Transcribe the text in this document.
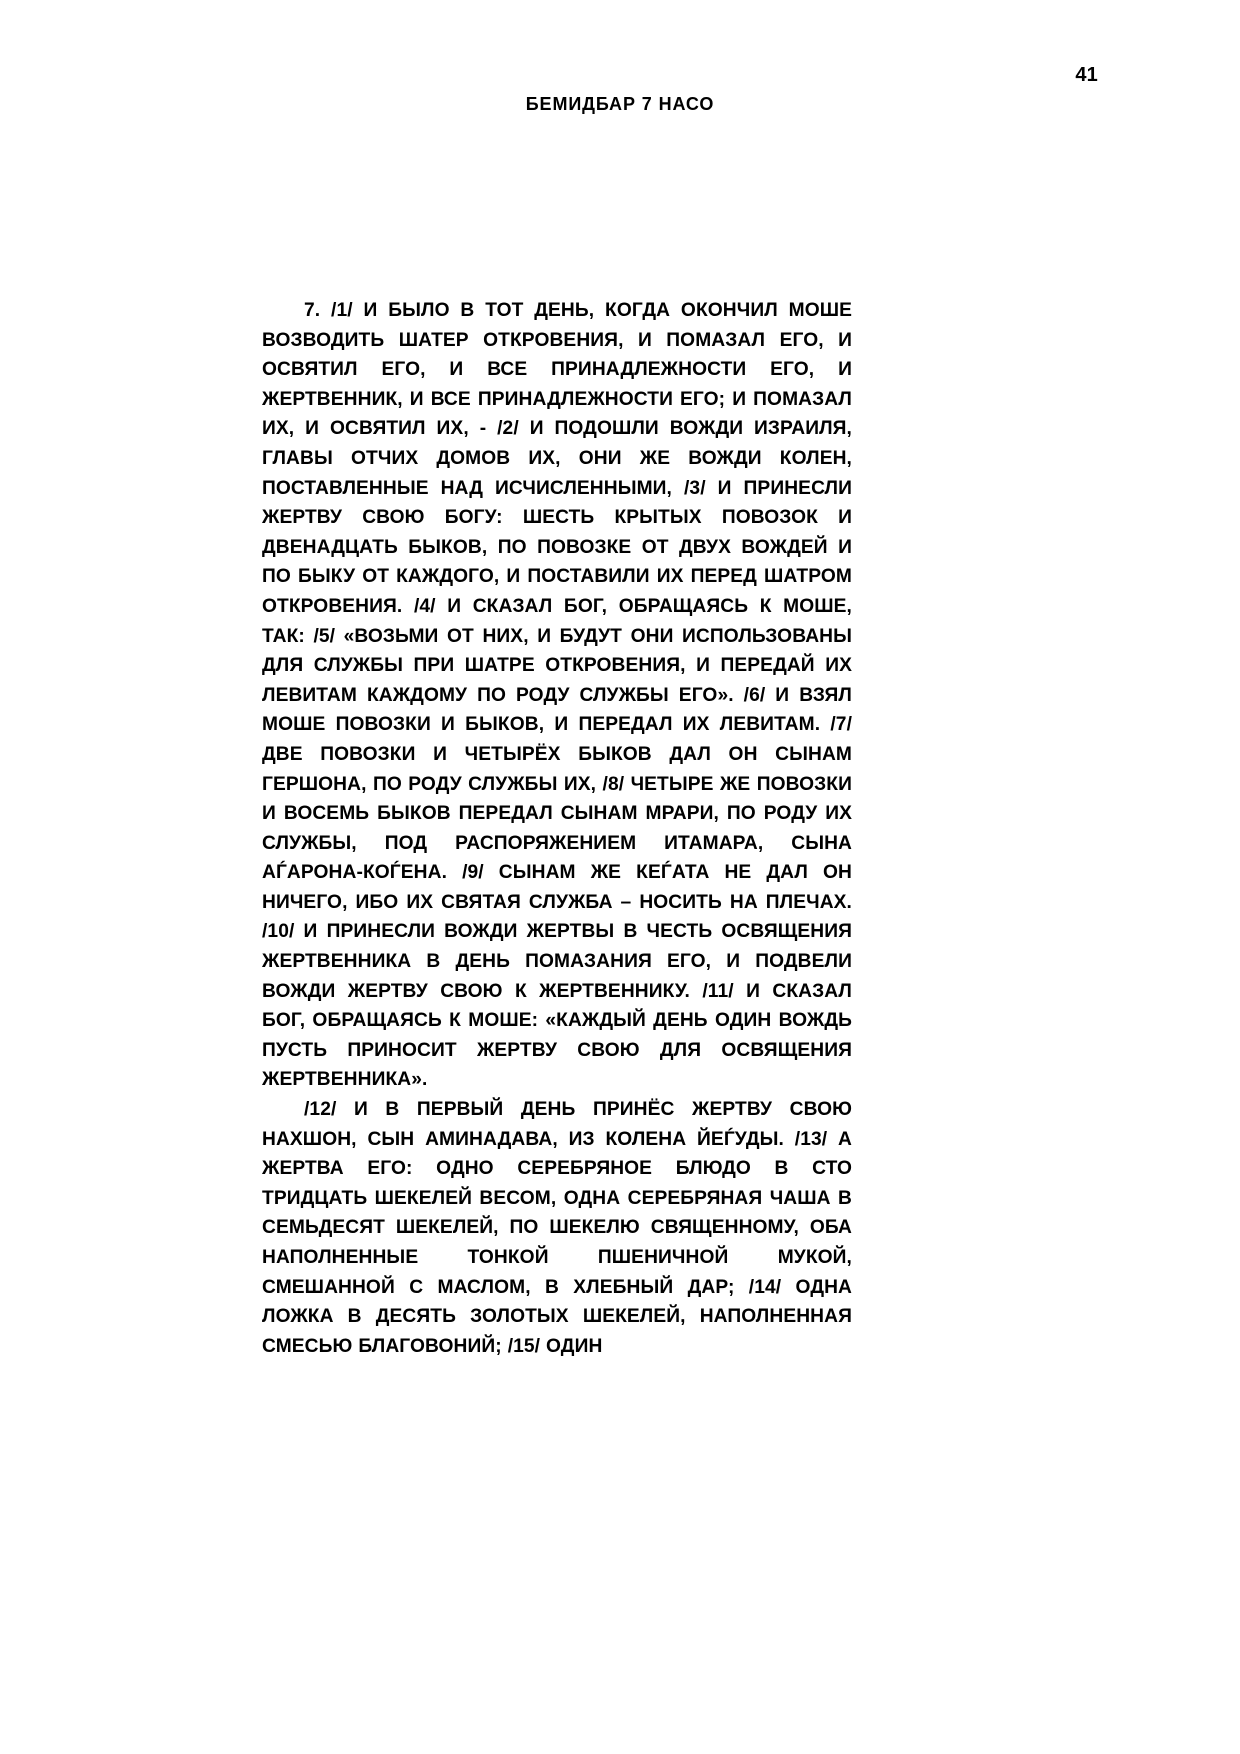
41
БЕМИДБАР 7 НАСО

7. /1/ И БЫЛО В ТОТ ДЕНЬ, КОГДА ОКОНЧИЛ МОШЕ ВОЗВОДИТЬ ШАТЕР ОТКРОВЕНИЯ, И ПОМАЗАЛ ЕГО, И ОСВЯТИЛ ЕГО, И ВСЕ ПРИНАДЛЕЖНОСТИ ЕГО, И ЖЕРТВЕННИК, И ВСЕ ПРИНАДЛЕЖНОСТИ ЕГО; И ПОМАЗАЛ ИХ, И ОСВЯТИЛ ИХ, - /2/ И ПОДОШЛИ ВОЖДИ ИЗРАИЛЯ, ГЛАВЫ ОТЧИХ ДОМОВ ИХ, ОНИ ЖЕ ВОЖДИ КОЛЕН, ПОСТАВЛЕННЫЕ НАД ИСЧИСЛЕННЫМИ, /3/ И ПРИНЕСЛИ ЖЕРТВУ СВОЮ БОГУ: ШЕСТЬ КРЫТЫХ ПОВОЗОК И ДВЕНАДЦАТЬ БЫКОВ, ПО ПОВОЗКЕ ОТ ДВУХ ВОЖДЕЙ И ПО БЫКУ ОТ КАЖДОГО, И ПОСТАВИЛИ ИХ ПЕРЕД ШАТРОМ ОТКРОВЕНИЯ. /4/ И СКАЗАЛ БОГ, ОБРАЩАЯСЬ К МОШЕ, ТАК: /5/ «ВОЗЬМИ ОТ НИХ, И БУДУТ ОНИ ИСПОЛЬЗОВАНЫ ДЛЯ СЛУЖБЫ ПРИ ШАТРЕ ОТКРОВЕНИЯ, И ПЕРЕДАЙ ИХ ЛЕВИТАМ КАЖДОМУ ПО РОДУ СЛУЖБЫ ЕГО». /6/ И ВЗЯЛ МОШЕ ПОВОЗКИ И БЫКОВ, И ПЕРЕДАЛ ИХ ЛЕВИТАМ. /7/ ДВЕ ПОВОЗКИ И ЧЕТЫРЁХ БЫКОВ ДАЛ ОН СЫНАМ ГЕРШОНА, ПО РОДУ СЛУЖБЫ ИХ, /8/ ЧЕТЫРЕ ЖЕ ПОВОЗКИ И ВОСЕМЬ БЫКОВ ПЕРЕДАЛ СЫНАМ МРАРИ, ПО РОДУ ИХ СЛУЖБЫ, ПОД РАСПОРЯЖЕНИЕМ ИТАМАРА, СЫНА АЃАРОНА-КОЃЕНА. /9/ СЫНАМ ЖЕ КЕЃАТА НЕ ДАЛ ОН НИЧЕГО, ИБО ИХ СВЯТАЯ СЛУЖБА – НОСИТЬ НА ПЛЕЧАХ. /10/ И ПРИНЕСЛИ ВОЖДИ ЖЕРТВЫ В ЧЕСТЬ ОСВЯЩЕНИЯ ЖЕРТВЕННИКА В ДЕНЬ ПОМАЗАНИЯ ЕГО, И ПОДВЕЛИ ВОЖДИ ЖЕРТВУ СВОЮ К ЖЕРТВЕННИКУ. /11/ И СКАЗАЛ БОГ, ОБРАЩАЯСЬ К МОШЕ: «КАЖДЫЙ ДЕНЬ ОДИН ВОЖДЬ ПУСТЬ ПРИНОСИТ ЖЕРТВУ СВОЮ ДЛЯ ОСВЯЩЕНИЯ ЖЕРТВЕННИКА».

/12/ И В ПЕРВЫЙ ДЕНЬ ПРИНЁС ЖЕРТВУ СВОЮ НАХШОН, СЫН АМИНАДАВА, ИЗ КОЛЕНА ЙЕЃУДЫ. /13/ А ЖЕРТВА ЕГО: ОДНО СЕРЕБРЯНОЕ БЛЮДО В СТО ТРИДЦАТЬ ШЕКЕЛЕЙ ВЕСОМ, ОДНА СЕРЕБРЯНАЯ ЧАША В СЕМЬДЕСЯТ ШЕКЕЛЕЙ, ПО ШЕКЕЛЮ СВЯЩЕННОМУ, ОБА НАПОЛНЕННЫЕ ТОНКОЙ ПШЕНИЧНОЙ МУКОЙ, СМЕШАННОЙ С МАСЛОМ, В ХЛЕБНЫЙ ДАР; /14/ ОДНА ЛОЖКА В ДЕСЯТЬ ЗОЛОТЫХ ШЕКЕЛЕЙ, НАПОЛНЕННАЯ СМЕСЬЮ БЛАГОВОНИЙ; /15/ ОДИН
